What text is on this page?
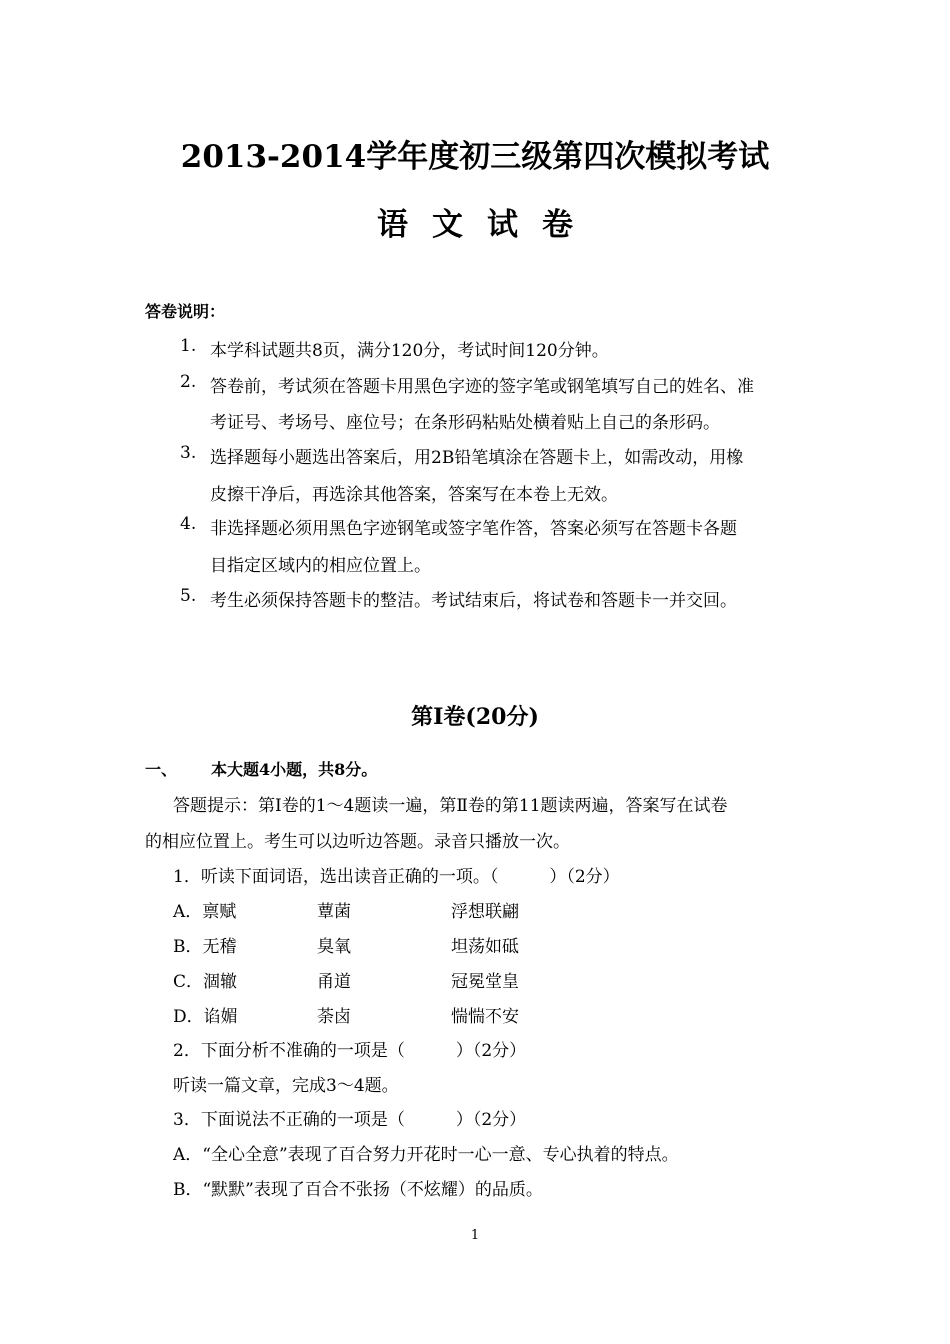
2013-2014学年度初三级第四次模拟考试
语文试卷
答卷说明：
1. 本学科试题共8页，满分120分，考试时间120分钟。
2. 答卷前，考试须在答题卡用黑色字迹的签字笔或钢笔填写自己的姓名、准
考证号、考场号、座位号；在条形码粘贴处横着贴上自己的条形码。
3. 选择题每小题选出答案后，用2B铅笔填涂在答题卡上，如需改动，用橡
皮擦干净后，再选涂其他答案，答案写在本卷上无效。
4. 非选择题必须用黑色字迹钢笔或签字笔作答，答案必须写在答题卡各题
目指定区域内的相应位置上。
5. 考生必须保持答题卡的整洁。考试结束后，将试卷和答题卡一并交回。
第Ⅰ卷(20分)
一、 本大题4小题，共8分。
答题提示：第Ⅰ卷的1～4题读一遍，第Ⅱ卷的第11题读两遍，答案写在试卷
的相应位置上。考生可以边听边答题。录音只播放一次。
1．听读下面词语，选出读音正确的一项。（　　　）（2分）
A．禀赋	蕈菌	浮想联翩
B．无稽	臭氧	坦荡如砥
C．涸辙	甬道	冠冕堂皇
D．谄媚	荼卤	惴惴不安
2．下面分析不准确的一项是（　　　）（2分）
听读一篇文章，完成3～4题。
3．下面说法不正确的一项是（　　　）（2分）
A．“全心全意”表现了百合努力开花时一心一意、专心执着的特点。
B．“默默”表现了百合不张扬（不炫耀）的品质。
1
